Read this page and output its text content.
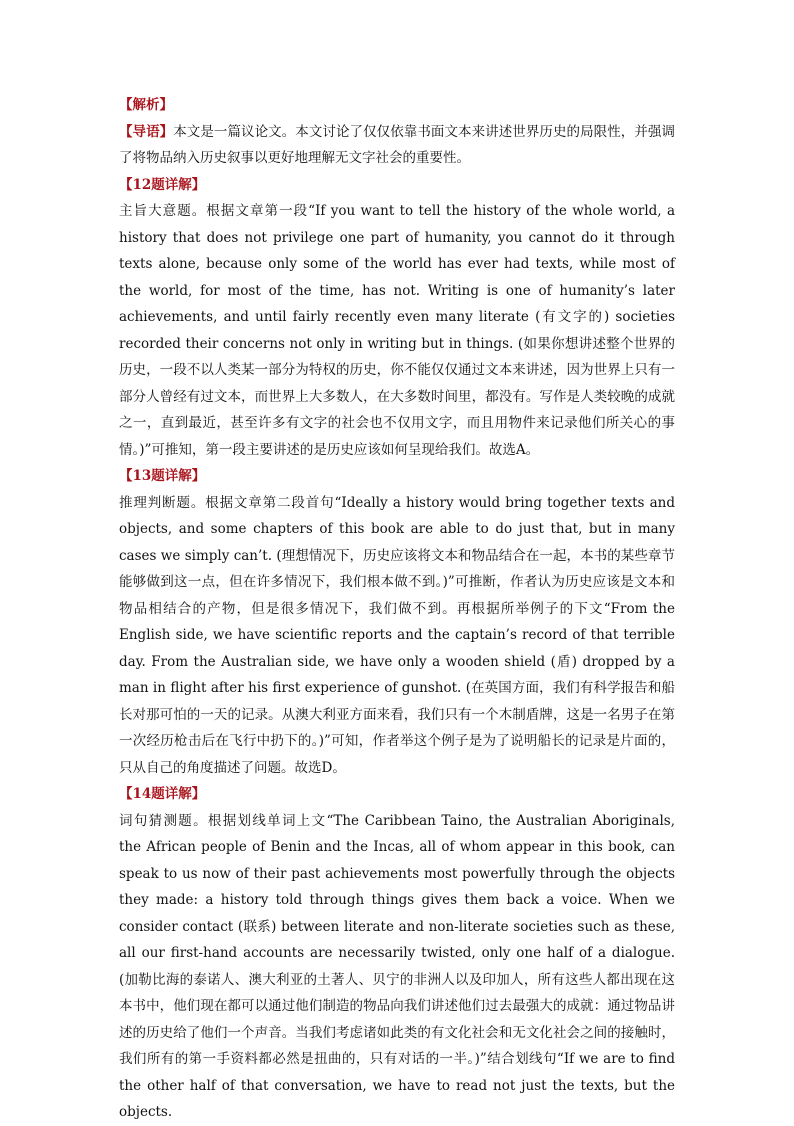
【解析】

【导语】本文是一篇议论文。本文讨论了仅仅依靠书面文本来讲述世界历史的局限性，并强调了将物品纳入历史叙事以更好地理解无文字社会的重要性。

【12题详解】

主旨大意题。根据文章第一段“If you want to tell the history of the whole world, a history that does not privilege one part of humanity, you cannot do it through texts alone, because only some of the world has ever had texts, while most of the world, for most of the time, has not. Writing is one of humanity’s later achievements, and until fairly recently even many literate (有文字的) societies recorded their concerns not only in writing but in things. (如果你想讲述整个世界的历史，一段不以人类某一部分为特权的历史，你不能仅仅通过文本来讲述，因为世界上只有一部分人曾经有过文本，而世界上大多数人，在大多数时间里，都没有。写作是人类较晚的成就之一，直到最近，甚至许多有文字的社会也不仅用文字，而且用物件来记录他们所关心的事情。)”可推知，第一段主要讲述的是历史应该如何呈现给我们。故选A。

【13题详解】

推理判断题。根据文章第二段首句“Ideally a history would bring together texts and objects, and some chapters of this book are able to do just that, but in many cases we simply can’t. (理想情况下，历史应该将文本和物品结合在一起，本书的某些章节能够做到这一点，但在许多情况下，我们根本做不到。)”可推断，作者认为历史应该是文本和物品相结合的产物，但是很多情况下，我们做不到。再根据所举例子的下文“From the English side, we have scientific reports and the captain’s record of that terrible day. From the Australian side, we have only a wooden shield (盾) dropped by a man in flight after his first experience of gunshot. (在英国方面，我们有科学报告和船长对那可怕的一天的记录。从澳大利亚方面来看，我们只有一个木制盾牌，这是一名男子在第一次经历枪击后在飞行中扔下的。)”可知，作者举这个例子是为了说明船长的记录是片面的，只从自己的角度描述了问题。故选D。

【14题详解】

词句猜测题。根据划线单词上文“The Caribbean Taino, the Australian Aboriginals, the African people of Benin and the Incas, all of whom appear in this book, can speak to us now of their past achievements most powerfully through the objects they made: a history told through things gives them back a voice. When we consider contact (联系) between literate and non-literate societies such as these, all our first-hand accounts are necessarily twisted, only one half of a dialogue. (加勒比海的泰诺人、澳大利亚的土著人、贝宁的非洲人以及印加人，所有这些人都出现在这本书中，他们现在都可以通过他们制造的物品向我们讲述他们过去最强大的成就：通过物品讲述的历史给了他们一个声音。当我们考虑诸如此类的有文化社会和无文化社会之间的接触时，我们所有的第一手资料都必然是扭曲的，只有对话的一半。)”结合划线句“If we are to find the other half of that conversation, we have to read not just the texts, but the objects.
